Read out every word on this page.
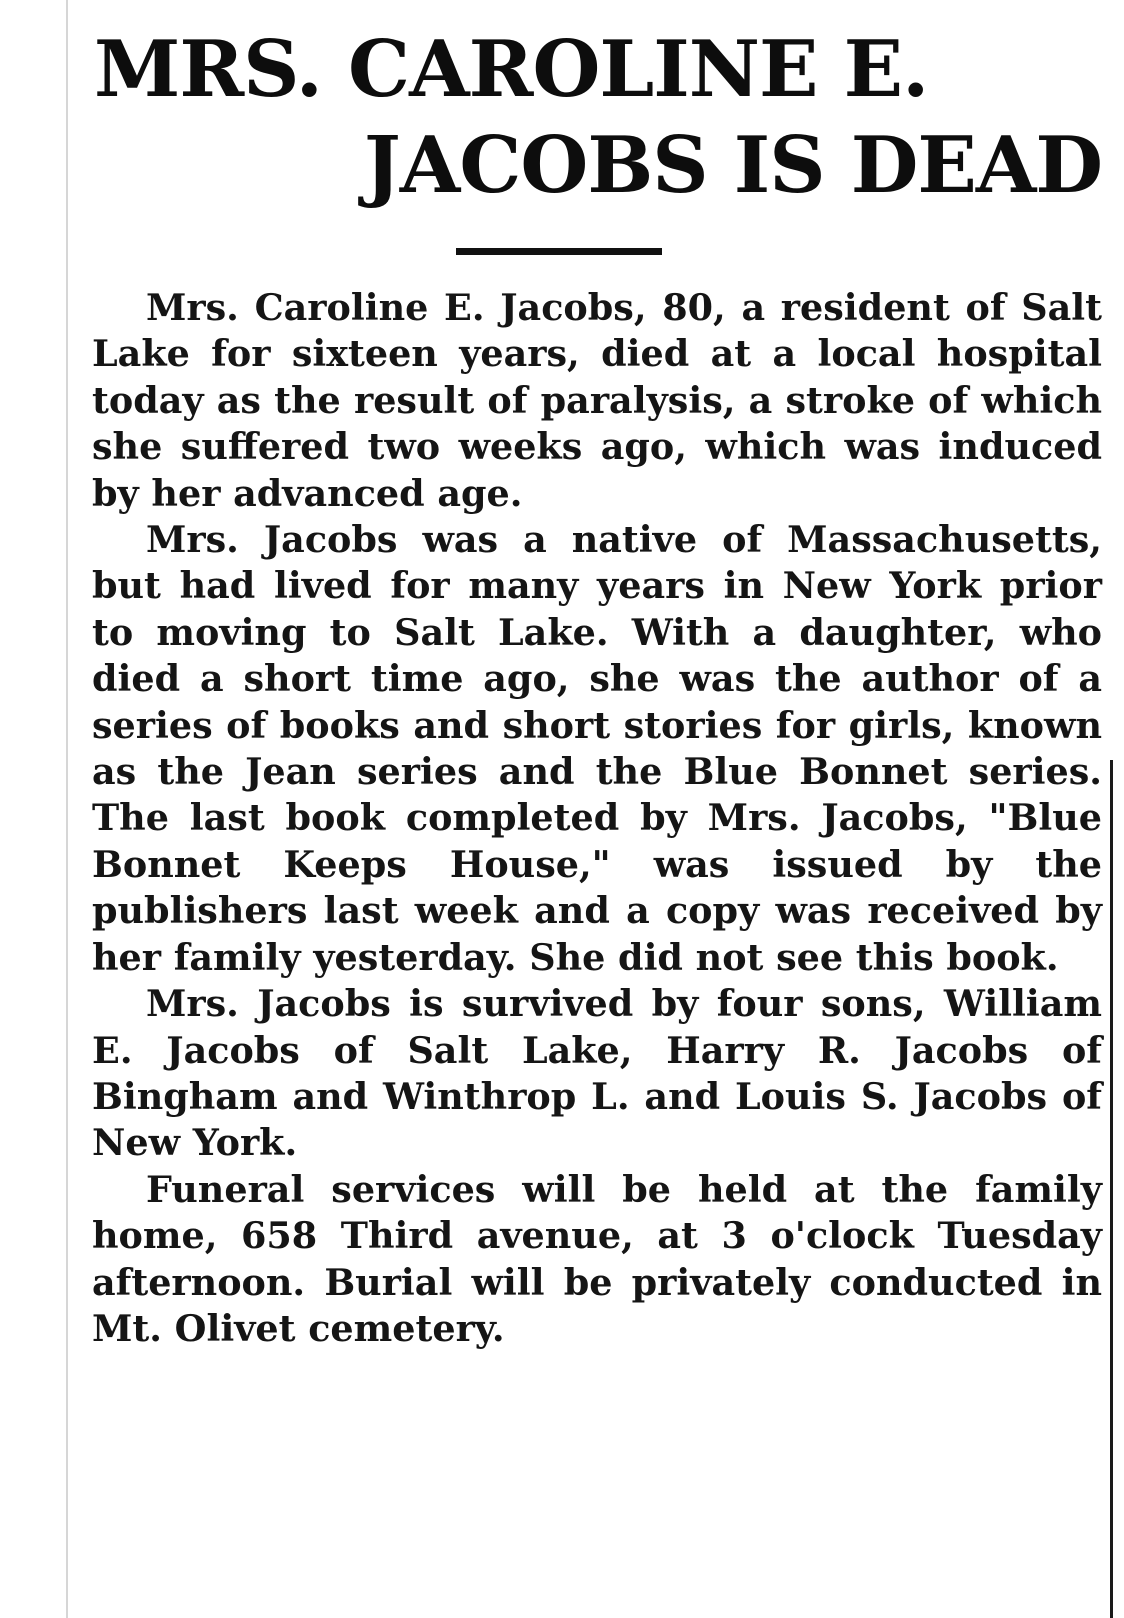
MRS. CAROLINE E.
JACOBS IS DEAD

Mrs. Caroline E. Jacobs, 80, a resident of Salt Lake for sixteen years, died at a local hospital today as the result of paralysis, a stroke of which she suffered two weeks ago, which was induced by her advanced age.

Mrs. Jacobs was a native of Massachusetts, but had lived for many years in New York prior to moving to Salt Lake. With a daughter, who died a short time ago, she was the author of a series of books and short stories for girls, known as the Jean series and the Blue Bonnet series. The last book completed by Mrs. Jacobs, "Blue Bonnet Keeps House," was issued by the publishers last week and a copy was received by her family yesterday. She did not see this book.

Mrs. Jacobs is survived by four sons, William E. Jacobs of Salt Lake, Harry R. Jacobs of Bingham and Winthrop L. and Louis S. Jacobs of New York.

Funeral services will be held at the family home, 658 Third avenue, at 3 o'clock Tuesday afternoon. Burial will be privately conducted in Mt. Olivet cemetery.
